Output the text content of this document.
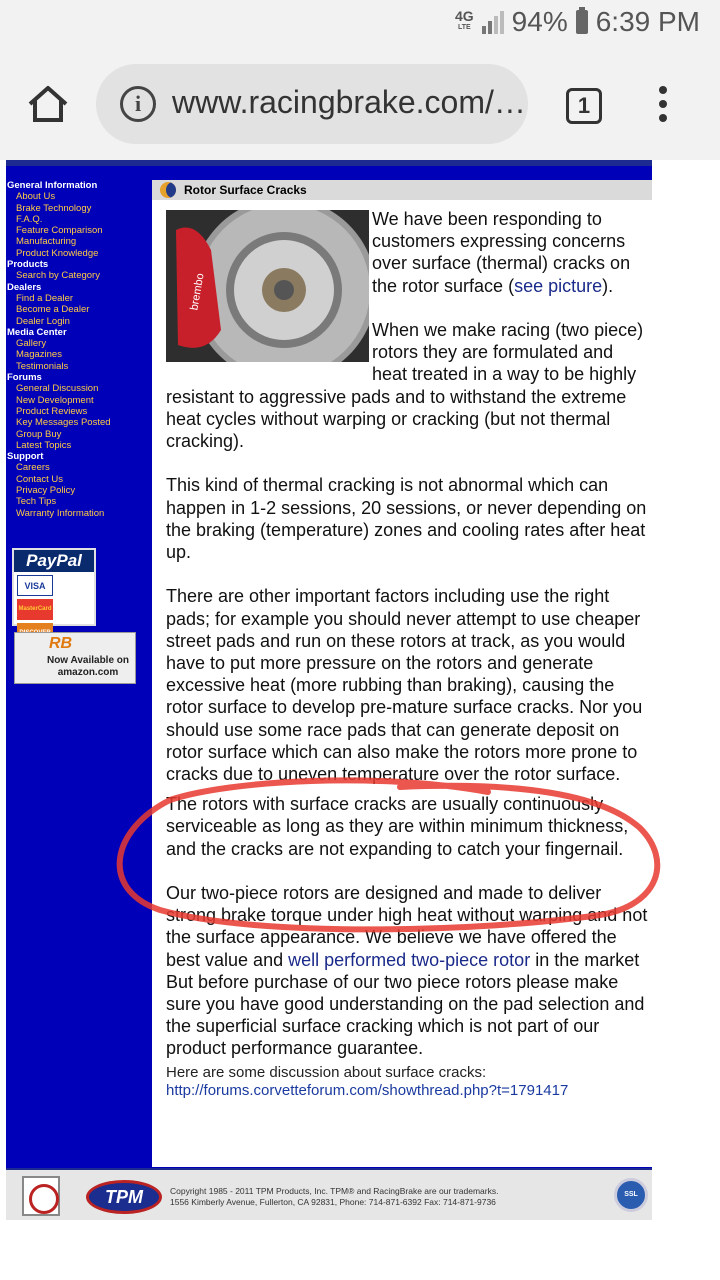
4G
LTE 94% 6:39 PM
i www.racingbrake.com/…	1
General Information
About Us
Brake Technology
F.A.Q.
Feature Comparison
Manufacturing
Product Knowledge
Products
Search by Category
Dealers
Find a Dealer
Become a Dealer
Dealer Login
Media Center
Gallery
Magazines
Testimonials
Forums
General Discussion
New Development
Product Reviews
Key Messages Posted
Group Buy
Latest Topics
Support
Careers
Contact Us
Privacy Policy
Tech Tips
Warranty Information
PayPal
VISA
MasterCard
RB
Now Available on amazon.com
Rotor Surface Cracks
brembo

We have been responding to customers expressing concerns over surface (thermal) cracks on the rotor surface (see picture).

When we make racing (two piece) rotors they are formulated and heat treated in a way to be highly resistant to aggressive pads and to withstand the extreme heat cycles without warping or cracking (but not thermal cracking).

This kind of thermal cracking is not abnormal which can happen in 1-2 sessions, 20 sessions, or never depending on the braking (temperature) zones and cooling rates after heat up.

There are other important factors including use the right pads; for example you should never attempt to use cheaper street pads and run on these rotors at track, as you would have to put more pressure on the rotors and generate excessive heat (more rubbing than braking), causing the rotor surface to develop pre-mature surface cracks. Nor you should use some race pads that can generate deposit on rotor surface which can also make the rotors more prone to cracks due to uneven temperature over the rotor surface.

The rotors with surface cracks are usually continuously serviceable as long as they are within minimum thickness, and the cracks are not expanding to catch your fingernail.

Our two-piece rotors are designed and made to deliver strong brake torque under high heat without warping and not the surface appearance. We believe we have offered the best value and well performed two-piece rotor in the market But before purchase of our two piece rotors please make sure you have good understanding on the pad selection and the superficial surface cracking which is not part of our product performance guarantee.

Here are some discussion about surface cracks:
http://forums.corvetteforum.com/showthread.php?t=1791417
TPM	Copyright 1985 - 2011 TPM Products, Inc. TPM® and RacingBrake are our trademarks.
1556 Kimberly Avenue, Fullerton, CA 92831, Phone: 714-871-6392 Fax: 714-871-9736
SSL
